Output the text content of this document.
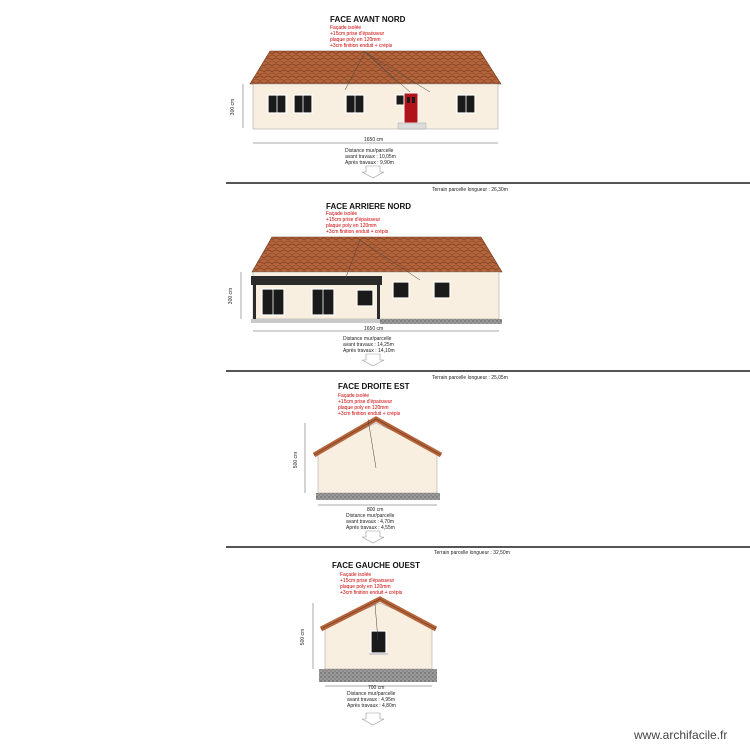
FACE AVANT NORD
Façade isolée
+15cm prise d'épaisseur
plaque poly en 120mm
+3cm finition enduit + crépis
300 cm
1650 cm
Distance mur/parcelle
avant travaux : 10,05m
Après travaux : 9,90m
Terrain parcelle longueur : 26,30m
FACE ARRIERE NORD
Façade isolée
+15cm prise d'épaisseur
plaque poly en 120mm
+3cm finition enduit + crépis
300 cm
1650 cm
Distance mur/parcelle
avant travaux : 14,25m
Après travaux : 14,10m
Terrain parcelle longueur : 25,05m
FACE DROITE EST
Façade isolée
+15cm prise d'épaisseur
plaque poly en 120mm
+3cm finition enduit + crépis
500 cm
800 cm
Distance mur/parcelle
avant travaux : 4,70m
Après travaux : 4,55m
Terrain parcelle longueur : 32,50m
FACE GAUCHE OUEST
Façade isolée
+15cm prise d'épaisseur
plaque poly en 120mm
+3cm finition enduit + crépis
500 cm
700 cm
Distance mur/parcelle
avant travaux : 4,95m
Après travaux : 4,80m
www.archifacile.fr
